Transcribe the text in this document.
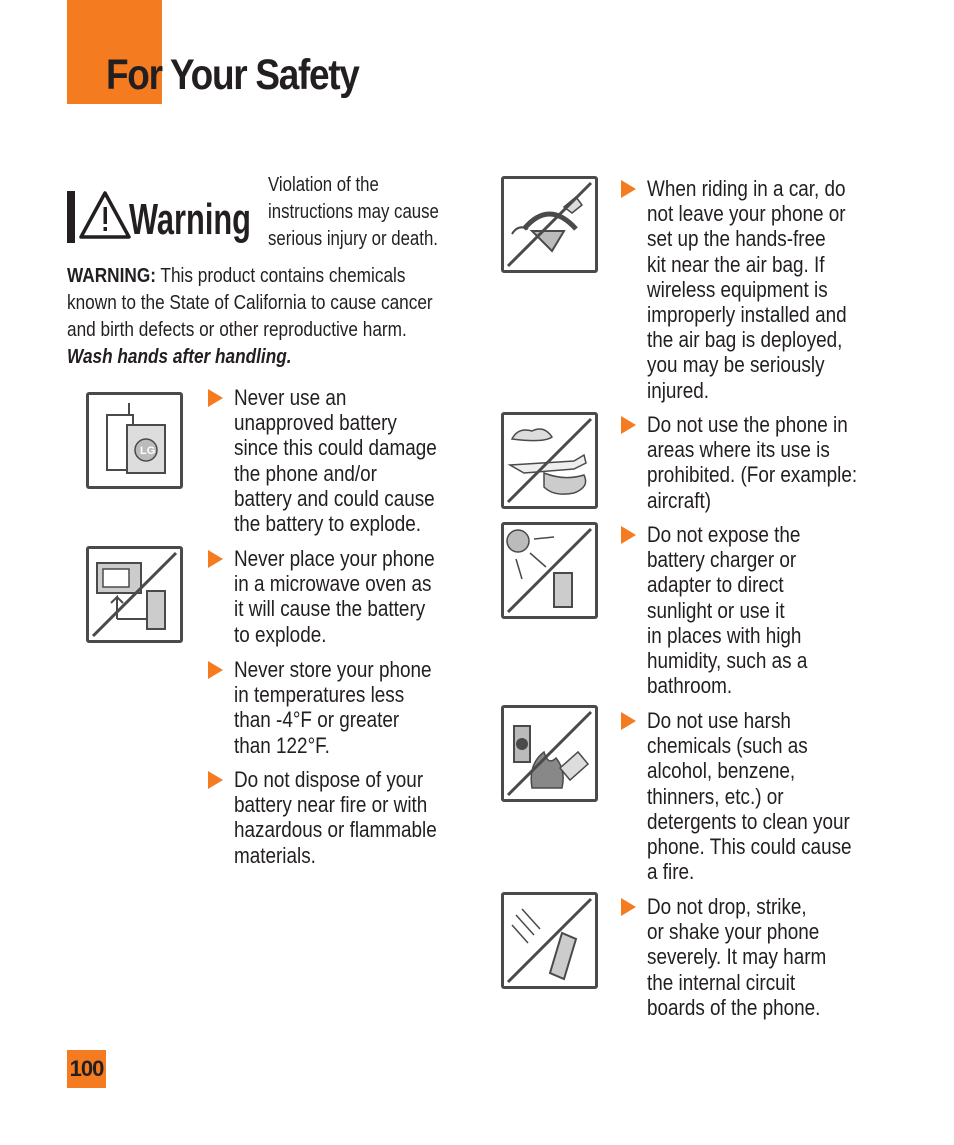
For Your Safety
Warning
Violation of the
instructions may cause
serious injury or death.
WARNING: This product contains chemicals
known to the State of California to cause cancer
and birth defects or other reproductive harm.
Wash hands after handling.
LG
Never use an
unapproved battery
since this could damage
the phone and/or
battery and could cause
the battery to explode.
Never place your phone
in a microwave oven as
it will cause the battery
to explode.
Never store your phone
in temperatures less
than -4°F or greater
than 122°F.
Do not dispose of your
battery near fire or with
hazardous or flammable
materials.
When riding in a car, do
not leave your phone or
set up the hands-free
kit near the air bag. If
wireless equipment is
improperly installed and
the air bag is deployed,
you may be seriously
injured.
Do not use the phone in
areas where its use is
prohibited. (For example:
aircraft)
Do not expose the
battery charger or
adapter to direct
sunlight or use it
in places with high
humidity, such as a
bathroom.
Do not use harsh
chemicals (such as
alcohol, benzene,
thinners, etc.) or
detergents to clean your
phone. This could cause
a fire.
Do not drop, strike,
or shake your phone
severely. It may harm
the internal circuit
boards of the phone.
100
